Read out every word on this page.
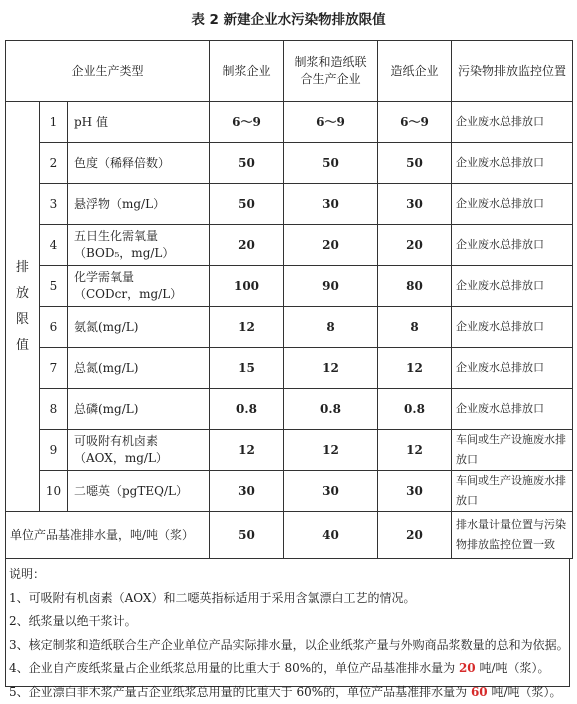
表 2 新建企业水污染物排放限值
企业生产类型			制浆企业	制浆和造纸联
合生产企业	造纸企业	污染物排放监控位置

排
放
限
值	1	pH 值	6～9	6～9	6～9	企业废水总排放口
	2	色度（稀释倍数）	50	50	50	企业废水总排放口
	3	悬浮物（mg/L）	50	30	30	企业废水总排放口
	4	五日生化需氧量
（BOD₅，mg/L）	20	20	20	企业废水总排放口
	5	化学需氧量
（CODcr，mg/L）	100	90	80	企业废水总排放口
	6	氨氮(mg/L)	12	8	8	企业废水总排放口
	7	总氮(mg/L)	15	12	12	企业废水总排放口
	8	总磷(mg/L)	0.8	0.8	0.8	企业废水总排放口
	9	可吸附有机卤素
（AOX，mg/L）	12	12	12	车间或生产设施废水排
放口
	10	二噁英（pgTEQ/L）	30	30	30	车间或生产设施废水排
放口
单位产品基准排水量，吨/吨（浆）			50	40	20	排水量计量位置与污染
物排放监控位置一致
说明：
1、可吸附有机卤素（AOX）和二噁英指标适用于采用含氯漂白工艺的情况。
2、纸浆量以绝干浆计。
3、核定制浆和造纸联合生产企业单位产品实际排水量，以企业纸浆产量与外购商品浆数量的总和为依据。
4、企业自产废纸浆量占企业纸浆总用量的比重大于 80%的，单位产品基准排水量为 20 吨/吨（浆）。
5、企业漂白非木浆产量占企业纸浆总用量的比重大于 60%的，单位产品基准排水量为 60 吨/吨（浆）。
